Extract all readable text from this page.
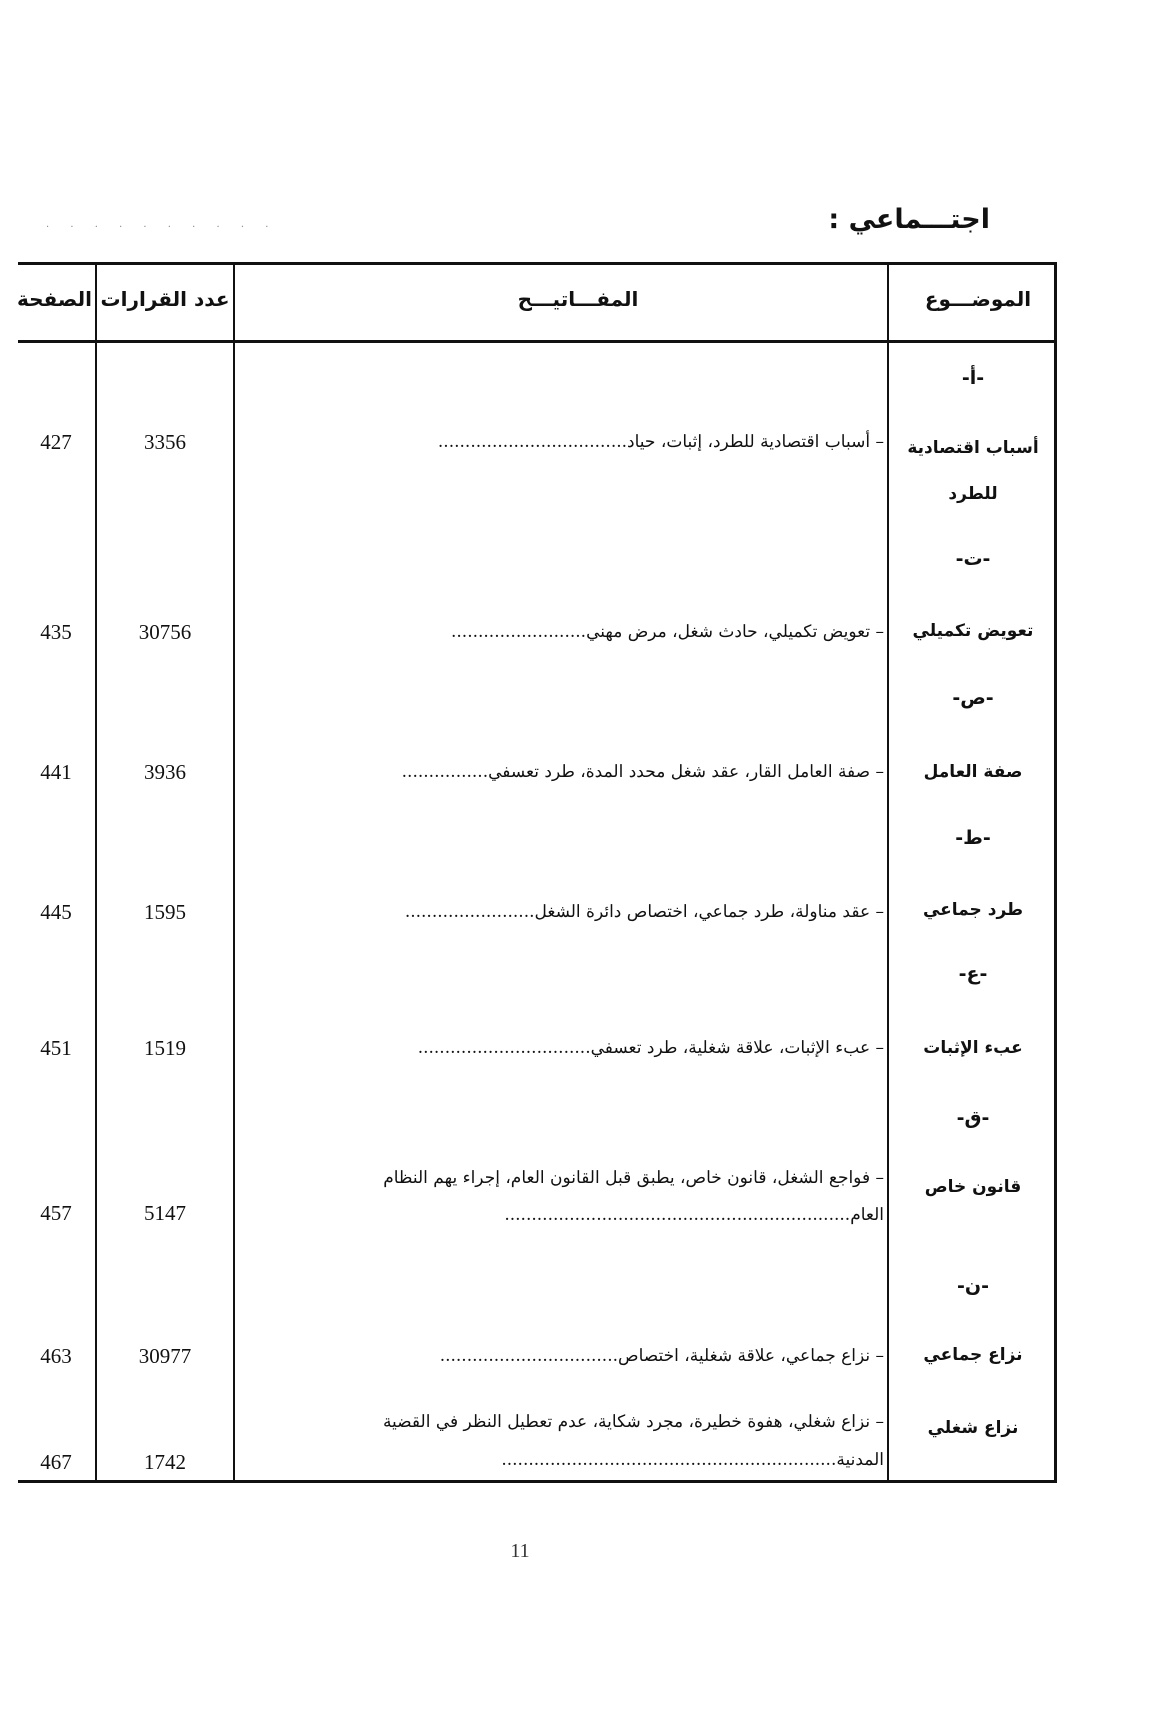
اجتـــماعي :
· · · · · · · · · ·
الموضـــوع
المفـــاتيـــح
عدد القرارات
الصفحة
-أ-
أسباب اقتصادية
للطرد
– أسباب اقتصادية للطرد، إثبات، حياد...................................
3356
427
-ت-
تعويض تكميلي
– تعويض تكميلي، حادث شغل، مرض مهني.........................
30756
435
-ص-
صفة العامل
– صفة العامل القار، عقد شغل محدد المدة، طرد تعسفي................
3936
441
-ط-
طرد جماعي
– عقد مناولة، طرد جماعي، اختصاص دائرة الشغل........................
1595
445
-ع-
عبء الإثبات
– عبء الإثبات، علاقة شغلية، طرد تعسفي................................
1519
451
-ق-
قانون خاص
– فواجع الشغل، قانون خاص، يطبق قبل القانون العام، إجراء يهم النظام
العام................................................................
5147
457
-ن-
نزاع جماعي
– نزاع جماعي، علاقة شغلية، اختصاص.................................
30977
463
نزاع شغلي
– نزاع شغلي، هفوة خطيرة، مجرد شكاية، عدم تعطيل النظر في القضية
المدنية..............................................................
1742
467
11
